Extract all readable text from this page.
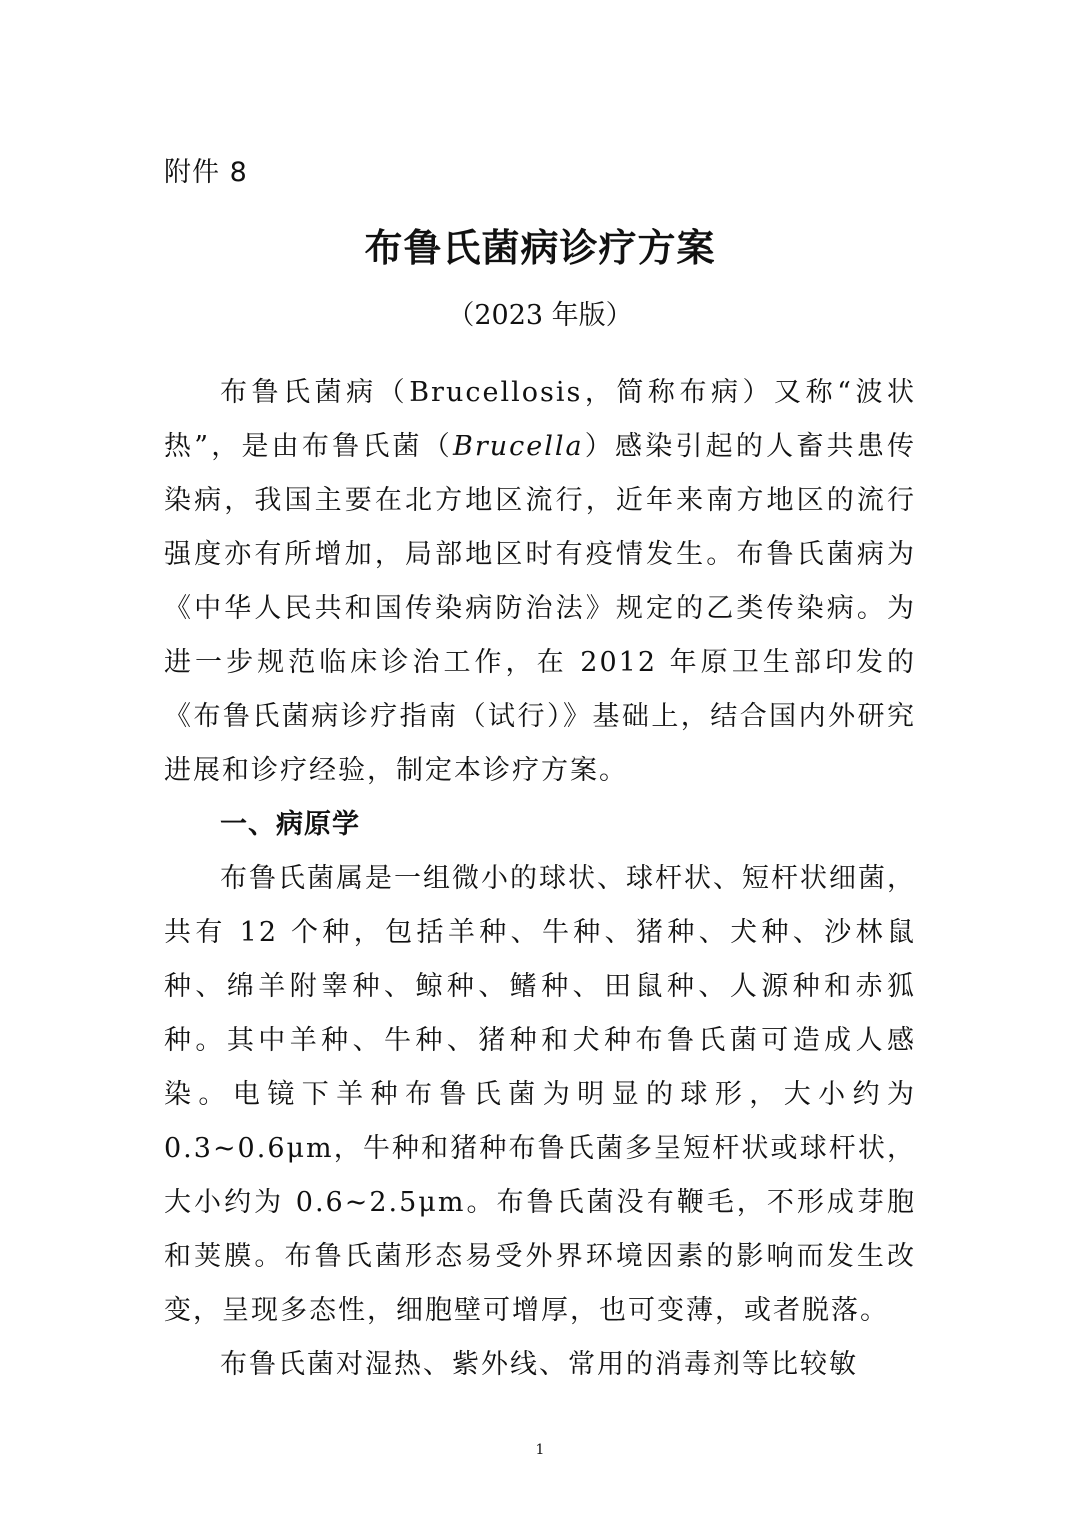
附件 8
布鲁氏菌病诊疗方案
（2023 年版）

布鲁氏菌病（Brucellosis，简称布病）又称“波状热”，是由布鲁氏菌（Brucella）感染引起的人畜共患传染病，我国主要在北方地区流行，近年来南方地区的流行强度亦有所增加，局部地区时有疫情发生。布鲁氏菌病为《中华人民共和国传染病防治法》规定的乙类传染病。为进一步规范临床诊治工作，在 2012 年原卫生部印发的《布鲁氏菌病诊疗指南（试行）》基础上，结合国内外研究进展和诊疗经验，制定本诊疗方案。

一、病原学

布鲁氏菌属是一组微小的球状、球杆状、短杆状细菌，共有 12 个种，包括羊种、牛种、猪种、犬种、沙林鼠种、绵羊附睾种、鲸种、鳍种、田鼠种、人源种和赤狐种。其中羊种、牛种、猪种和犬种布鲁氏菌可造成人感染。电镜下羊种布鲁氏菌为明显的球形，大小约为 0.3~0.6μm，牛种和猪种布鲁氏菌多呈短杆状或球杆状，大小约为 0.6~2.5μm。布鲁氏菌没有鞭毛，不形成芽胞和荚膜。布鲁氏菌形态易受外界环境因素的影响而发生改变，呈现多态性，细胞壁可增厚，也可变薄，或者脱落。

布鲁氏菌对湿热、紫外线、常用的消毒剂等比较敏

1
